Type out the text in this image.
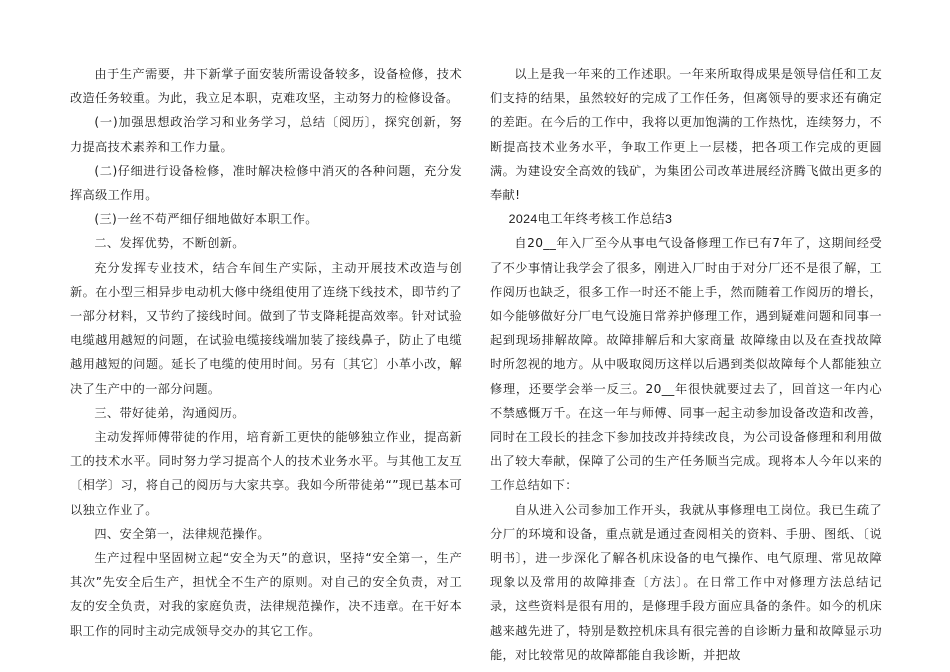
由于生产需要，井下新掌子面安装所需设备较多，设备检修，技术改造任务较重。为此，我立足本职，克难攻坚，主动努力的检修设备。

(一)加强思想政治学习和业务学习，总结〔阅历〕，探究创新，努力提高技术素养和工作力量。

(二)仔细进行设备检修，准时解决检修中消灭的各种问题，充分发挥高级工作用。

(三)一丝不苟严细仔细地做好本职工作。

二、发挥优势，不断创新。

充分发挥专业技术，结合车间生产实际，主动开展技术改造与创新。在小型三相异步电动机大修中绕组使用了连绕下线技术，即节约了一部分材料，又节约了接线时间。做到了节支降耗提高效率。针对试验电缆越用越短的问题，在试验电缆接线端加装了接线鼻子，防止了电缆越用越短的问题。延长了电缆的使用时间。另有〔其它〕小革小改，解决了生产中的一部分问题。

三、带好徒弟，沟通阅历。

主动发挥师傅带徒的作用，培育新工更快的能够独立作业，提高新工的技术水平。同时努力学习提高个人的技术业务水平。与其他工友互〔相学〕习，将自己的阅历与大家共享。我如今所带徒弟“”现已基本可以独立作业了。

四、安全第一，法律规范操作。

生产过程中坚固树立起“安全为天”的意识，坚持“安全第一，生产其次”先安全后生产，担忧全不生产的原则。对自己的安全负责，对工友的安全负责，对我的家庭负责，法律规范操作，决不违章。在干好本职工作的同时主动完成领导交办的其它工作。

以上是我一年来的工作述职。一年来所取得成果是领导信任和工友们支持的结果，虽然较好的完成了工作任务，但离领导的要求还有确定的差距。在今后的工作中，我将以更加饱满的工作热忱，连续努力，不断提高技术业务水平，争取工作更上一层楼，把各项工作完成的更圆满。为建设安全高效的钱矿，为集团公司改革进展经济腾飞做出更多的奉献!

2024电工年终考核工作总结3

自20__年入厂至今从事电气设备修理工作已有7年了，这期间经受了不少事情让我学会了很多，刚进入厂时由于对分厂还不是很了解，工作阅历也缺乏，很多工作一时还不能上手，然而随着工作阅历的增长，如今能够做好分厂电气设施日常养护修理工作，遇到疑难问题和同事一起到现场排解故障。故障排解后和大家商量 故障缘由以及在查找故障时所忽视的地方。从中吸取阅历这样以后遇到类似故障每个人都能独立修理，还要学会举一反三。20__年很快就要过去了，回首这一年内心不禁感慨万千。在这一年与师傅、同事一起主动参加设备改造和改善，同时在工段长的挂念下参加技改并持续改良，为公司设备修理和利用做出了较大奉献，保障了公司的生产任务顺当完成。现将本人今年以来的工作总结如下：

自从进入公司参加工作开头，我就从事修理电工岗位。我已生疏了分厂的环境和设备，重点就是通过查阅相关的资料、手册、图纸、〔说明书〕，进一步深化了解各机床设备的电气操作、电气原理、常见故障现象以及常用的故障排查〔方法〕。在日常工作中对修理方法总结记录，这些资料是很有用的，是修理手段方面应具备的条件。如今的机床越来越先进了，特别是数控机床具有很完善的自诊断力量和故障显示功能，对比较常见的故障都能自我诊断，并把故
